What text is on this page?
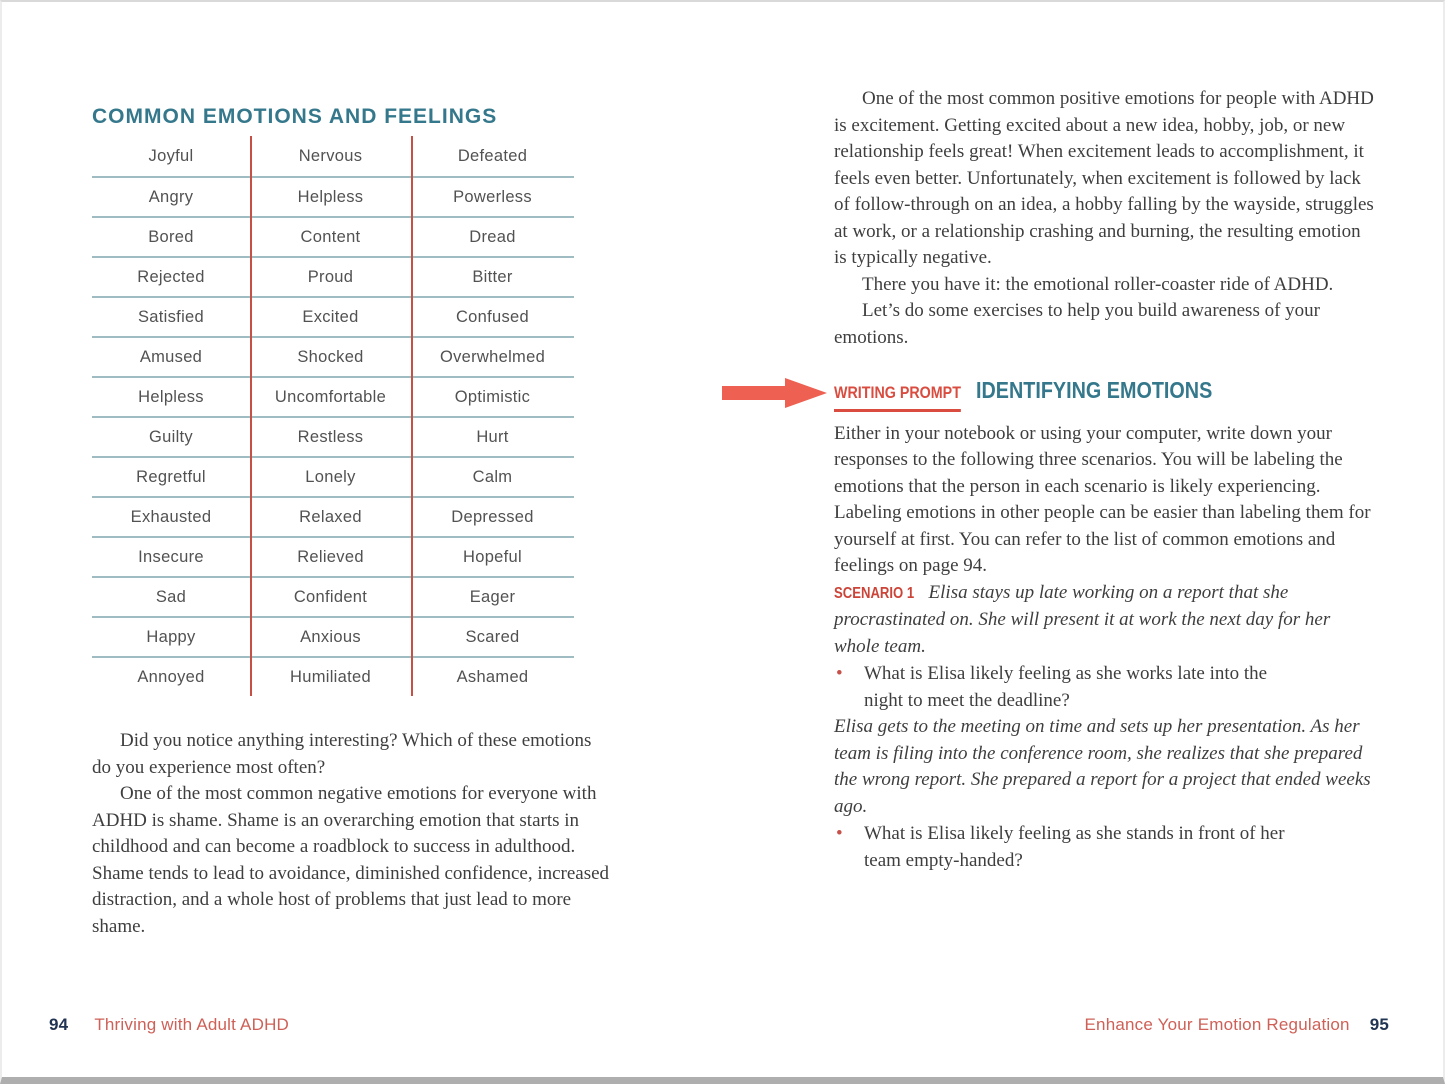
COMMON EMOTIONS AND FEELINGS
Joyful	Nervous	Defeated
Angry	Helpless	Powerless
Bored	Content	Dread
Rejected	Proud	Bitter
Satisfied	Excited	Confused
Amused	Shocked	Overwhelmed
Helpless	Uncomfortable	Optimistic
Guilty	Restless	Hurt
Regretful	Lonely	Calm
Exhausted	Relaxed	Depressed
Insecure	Relieved	Hopeful
Sad	Confident	Eager
Happy	Anxious	Scared
Annoyed	Humiliated	Ashamed

Did you notice anything interesting? Which of these emotions do you experience most often?

One of the most common negative emotions for everyone with ADHD is shame. Shame is an overarching emotion that starts in childhood and can become a roadblock to success in adulthood. Shame tends to lead to avoidance, diminished confidence, increased distraction, and a whole host of problems that just lead to more shame.

94 Thriving with Adult ADHD

One of the most common positive emotions for people with ADHD is excitement. Getting excited about a new idea, hobby, job, or new relationship feels great! When excitement leads to accomplishment, it feels even better. Unfortunately, when excitement is followed by lack of follow-through on an idea, a hobby falling by the wayside, struggles at work, or a relationship crashing and burning, the resulting emotion is typically negative.

There you have it: the emotional roller-coaster ride of ADHD.

Let’s do some exercises to help you build awareness of your emotions.

WRITING PROMPT IDENTIFYING EMOTIONS

Either in your notebook or using your computer, write down your responses to the following three scenarios. You will be labeling the emotions that the person in each scenario is likely experiencing. Labeling emotions in other people can be easier than labeling them for yourself at first. You can refer to the list of common emotions and feelings on page 94.

SCENARIO 1 Elisa stays up late working on a report that she procrastinated on. She will present it at work the next day for her whole team.

• What is Elisa likely feeling as she works late into the night to meet the deadline?

Elisa gets to the meeting on time and sets up her presentation. As her team is filing into the conference room, she realizes that she prepared the wrong report. She prepared a report for a project that ended weeks ago.

• What is Elisa likely feeling as she stands in front of her team empty-handed?
Enhance Your Emotion Regulation 95
